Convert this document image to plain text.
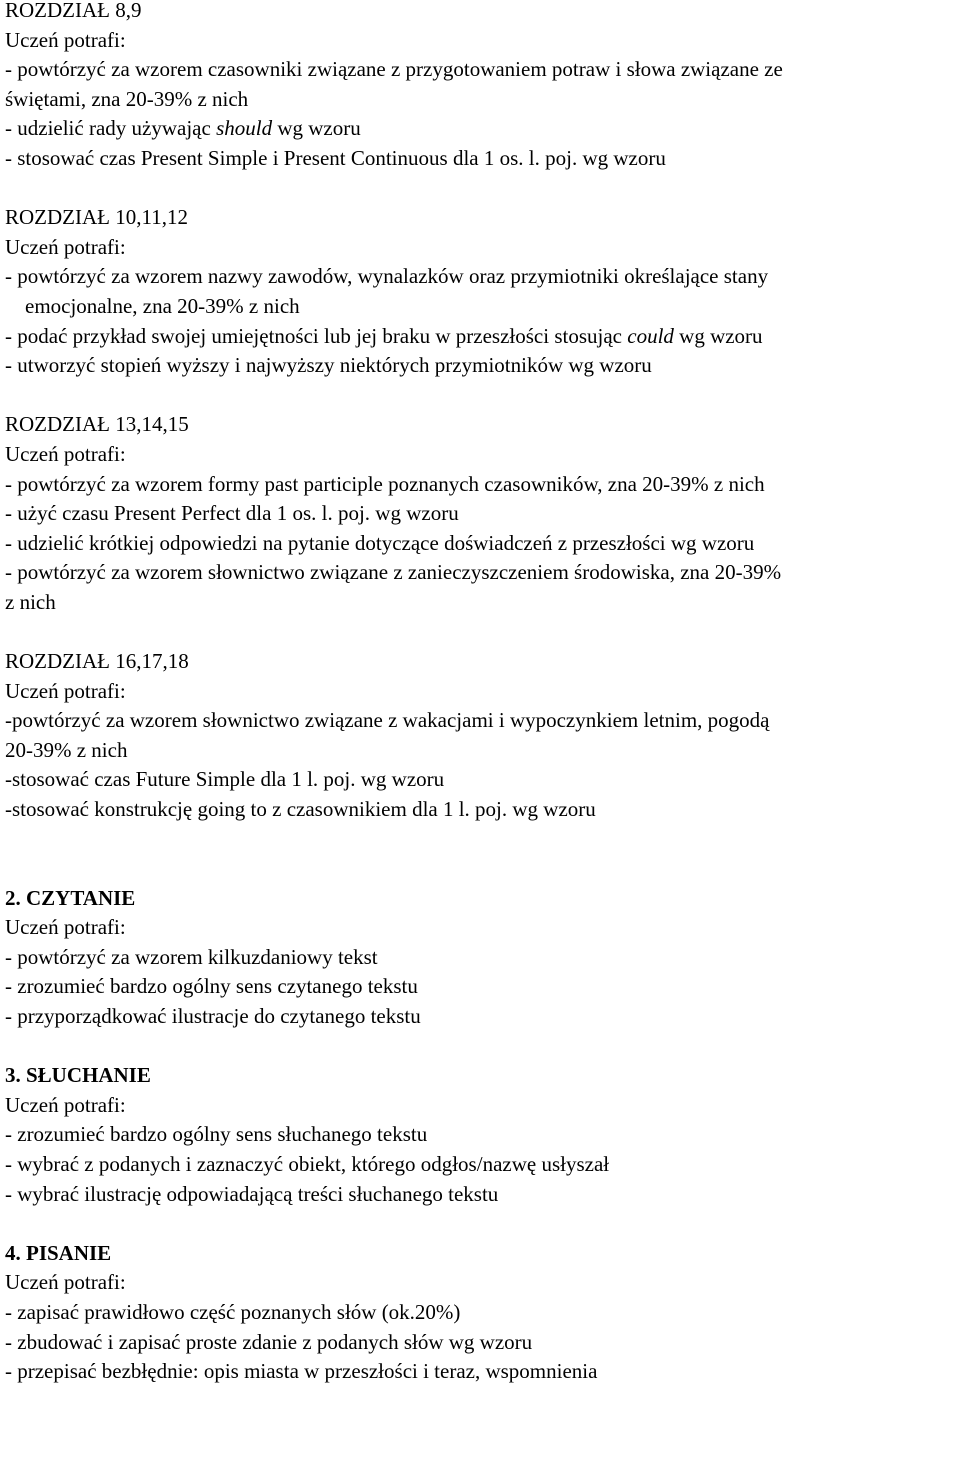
ROZDZIAŁ 8,9
Uczeń potrafi:
- powtórzyć za wzorem czasowniki związane z przygotowaniem potraw i słowa związane ze
świętami, zna 20-39% z nich
- udzielić rady używając should wg wzoru
- stosować czas Present Simple i Present Continuous dla 1 os. l. poj. wg wzoru
ROZDZIAŁ 10,11,12
Uczeń potrafi:
- powtórzyć za wzorem nazwy zawodów, wynalazków oraz przymiotniki określające stany
emocjonalne, zna 20-39% z nich
- podać przykład swojej umiejętności lub jej braku w przeszłości stosując could wg wzoru
- utworzyć stopień wyższy i najwyższy niektórych przymiotników wg wzoru
ROZDZIAŁ 13,14,15
Uczeń potrafi:
- powtórzyć za wzorem formy past participle poznanych czasowników, zna 20-39% z nich
- użyć czasu Present Perfect dla 1 os. l. poj. wg wzoru
- udzielić krótkiej odpowiedzi na pytanie dotyczące doświadczeń z przeszłości wg wzoru
- powtórzyć za wzorem słownictwo związane z zanieczyszczeniem środowiska, zna 20-39%
z nich
ROZDZIAŁ 16,17,18
Uczeń potrafi:
-powtórzyć za wzorem słownictwo związane z wakacjami i wypoczynkiem letnim, pogodą
20-39% z nich
-stosować czas Future Simple dla 1 l. poj. wg wzoru
-stosować konstrukcję going to z czasownikiem dla 1 l. poj. wg wzoru
2. CZYTANIE
Uczeń potrafi:
- powtórzyć za wzorem kilkuzdaniowy tekst
- zrozumieć bardzo ogólny sens czytanego tekstu
- przyporządkować ilustracje do czytanego tekstu
3. SŁUCHANIE
Uczeń potrafi:
- zrozumieć bardzo ogólny sens słuchanego tekstu
- wybrać z podanych i zaznaczyć obiekt, którego odgłos/nazwę usłyszał
- wybrać ilustrację odpowiadającą treści słuchanego tekstu
4. PISANIE
Uczeń potrafi:
- zapisać prawidłowo część poznanych słów (ok.20%)
- zbudować i zapisać proste zdanie z podanych słów wg wzoru
- przepisać bezbłędnie: opis miasta w przeszłości i teraz, wspomnienia
